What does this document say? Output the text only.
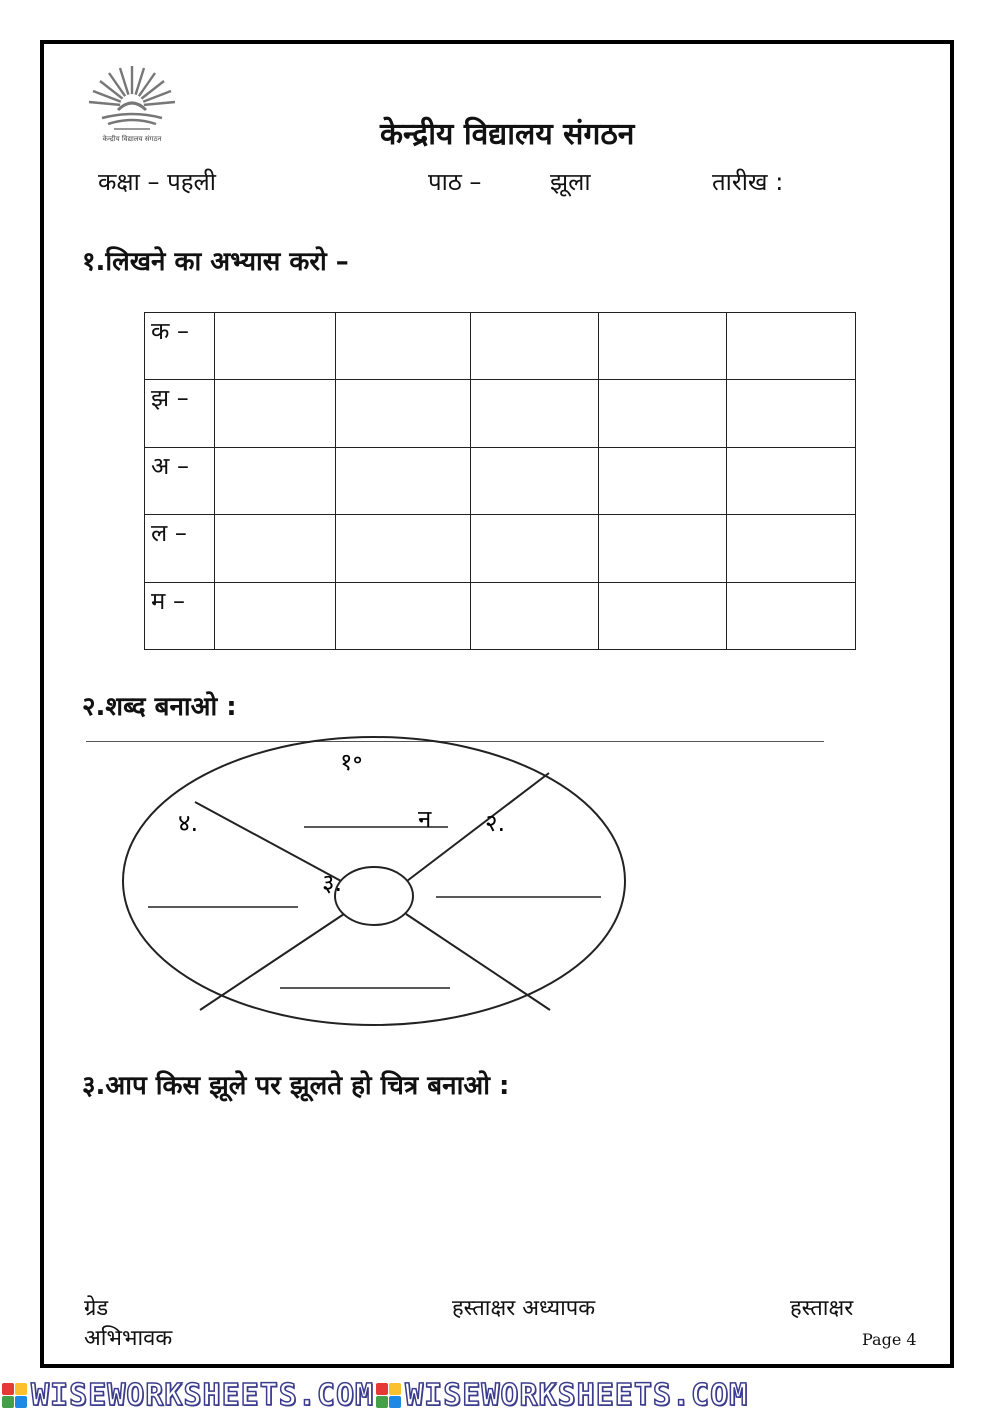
केन्द्रीय विद्यालय संगठन	केन्द्रीय विद्यालय संगठन
कक्षा – पहली	पाठ –	झूला	तारीख :
१.लिखने का अभ्यास करो –
क –					
झ –					
अ –					
ल –					
म –					
२.शब्द बनाओ :
१॰
४.	न २.
३.
३.आप किस झूले पर झूलते हो चित्र बनाओ :
ग्रेड
अभिभावक
हस्ताक्षर अध्यापक	हस्ताक्षर
Page 4
WISEWORKSHEETS.COM WISEWORKSHEETS.COM
